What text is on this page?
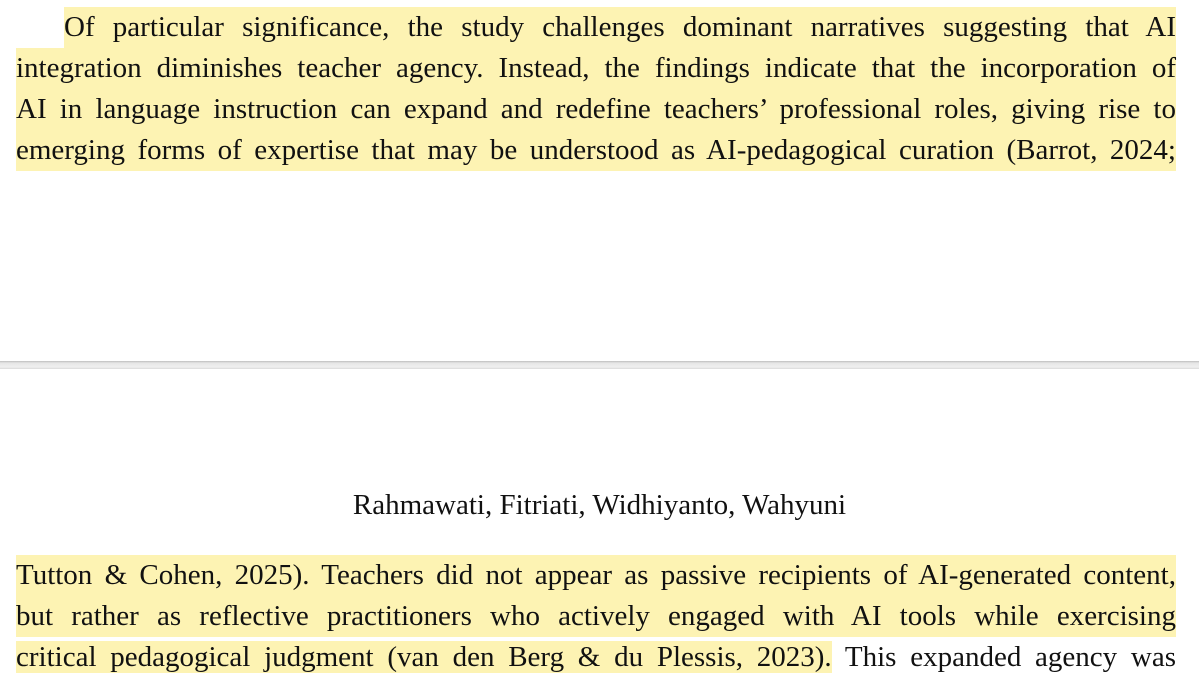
Of particular significance, the study challenges dominant narratives suggesting that AI
integration diminishes teacher agency. Instead, the findings indicate that the incorporation of
AI in language instruction can expand and redefine teachers’ professional roles, giving rise to
emerging forms of expertise that may be understood as AI-pedagogical curation (Barrot, 2024;

Rahmawati, Fitriati, Widhiyanto, Wahyuni

Tutton & Cohen, 2025). Teachers did not appear as passive recipients of AI-generated content,
but rather as reflective practitioners who actively engaged with AI tools while exercising
critical pedagogical judgment (van den Berg & du Plessis, 2023). This expanded agency was
